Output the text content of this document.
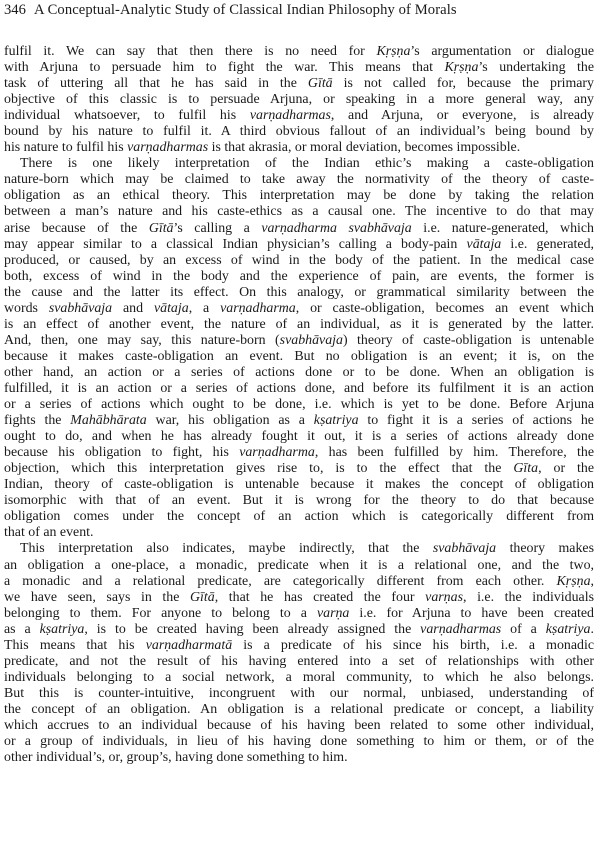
346 A Conceptual-Analytic Study of Classical Indian Philosophy of Morals
fulfil it. We can say that then there is no need for Kṛṣṇa’s argumentation or dialogue
with Arjuna to persuade him to fight the war. This means that Kṛṣṇa’s undertaking the
task of uttering all that he has said in the Gītā is not called for, because the primary
objective of this classic is to persuade Arjuna, or speaking in a more general way, any
individual whatsoever, to fulfil his varṇadharmas, and Arjuna, or everyone, is already
bound by his nature to fulfil it. A third obvious fallout of an individual’s being bound by
his nature to fulfil his varṇadharmas is that akrasia, or moral deviation, becomes impossible.
There is one likely interpretation of the Indian ethic’s making a caste-obligation
nature-born which may be claimed to take away the normativity of the theory of caste-
obligation as an ethical theory. This interpretation may be done by taking the relation
between a man’s nature and his caste-ethics as a causal one. The incentive to do that may
arise because of the Gītā’s calling a varṇadharma svabhāvaja i.e. nature-generated, which
may appear similar to a classical Indian physician’s calling a body-pain vātaja i.e. generated,
produced, or caused, by an excess of wind in the body of the patient. In the medical case
both, excess of wind in the body and the experience of pain, are events, the former is
the cause and the latter its effect. On this analogy, or grammatical similarity between the
words svabhāvaja and vātaja, a varṇadharma, or caste-obligation, becomes an event which
is an effect of another event, the nature of an individual, as it is generated by the latter.
And, then, one may say, this nature-born (svabhāvaja) theory of caste-obligation is untenable
because it makes caste-obligation an event. But no obligation is an event; it is, on the
other hand, an action or a series of actions done or to be done. When an obligation is
fulfilled, it is an action or a series of actions done, and before its fulfilment it is an action
or a series of actions which ought to be done, i.e. which is yet to be done. Before Arjuna
fights the Mahābhārata war, his obligation as a kṣatriya to fight it is a series of actions he
ought to do, and when he has already fought it out, it is a series of actions already done
because his obligation to fight, his varṇadharma, has been fulfilled by him. Therefore, the
objection, which this interpretation gives rise to, is to the effect that the Gīta, or the
Indian, theory of caste-obligation is untenable because it makes the concept of obligation
isomorphic with that of an event. But it is wrong for the theory to do that because
obligation comes under the concept of an action which is categorically different from
that of an event.
This interpretation also indicates, maybe indirectly, that the svabhāvaja theory makes
an obligation a one-place, a monadic, predicate when it is a relational one, and the two,
a monadic and a relational predicate, are categorically different from each other. Kṛṣṇa,
we have seen, says in the Gītā, that he has created the four varṇas, i.e. the individuals
belonging to them. For anyone to belong to a varṇa i.e. for Arjuna to have been created
as a kṣatriya, is to be created having been already assigned the varṇadharmas of a kṣatriya.
This means that his varṇadharmatā is a predicate of his since his birth, i.e. a monadic
predicate, and not the result of his having entered into a set of relationships with other
individuals belonging to a social network, a moral community, to which he also belongs.
But this is counter-intuitive, incongruent with our normal, unbiased, understanding of
the concept of an obligation. An obligation is a relational predicate or concept, a liability
which accrues to an individual because of his having been related to some other individual,
or a group of individuals, in lieu of his having done something to him or them, or of the
other individual’s, or, group’s, having done something to him.
